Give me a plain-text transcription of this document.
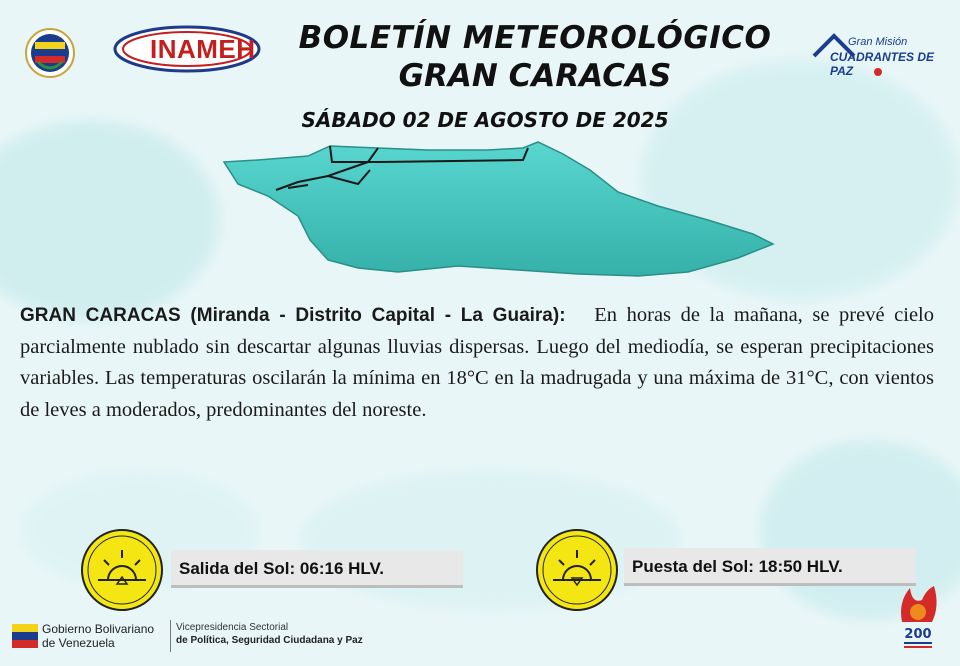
INAMEH	BOLETÍN METEOROLÓGICO
GRAN CARACAS
SÁBADO 02 DE AGOSTO DE 2025
Gran Misión
CUADRANTES DE PAZ
GRAN CARACAS (Miranda - Distrito Capital - La Guaira): En horas de la mañana, se prevé cielo parcialmente nublado sin descartar algunas lluvias dispersas. Luego del mediodía, se esperan precipitaciones variables. Las temperaturas oscilarán la mínima en 18°C en la madrugada y una máxima de 31°C, con vientos de leves a moderados, predominantes del noreste.
Salida del Sol: 06:16 HLV.	Puesta del Sol: 18:50 HLV.
Gobierno Bolivariano
de Venezuela
Vicepresidencia Sectorial
de Política, Seguridad Ciudadana y Paz	200
